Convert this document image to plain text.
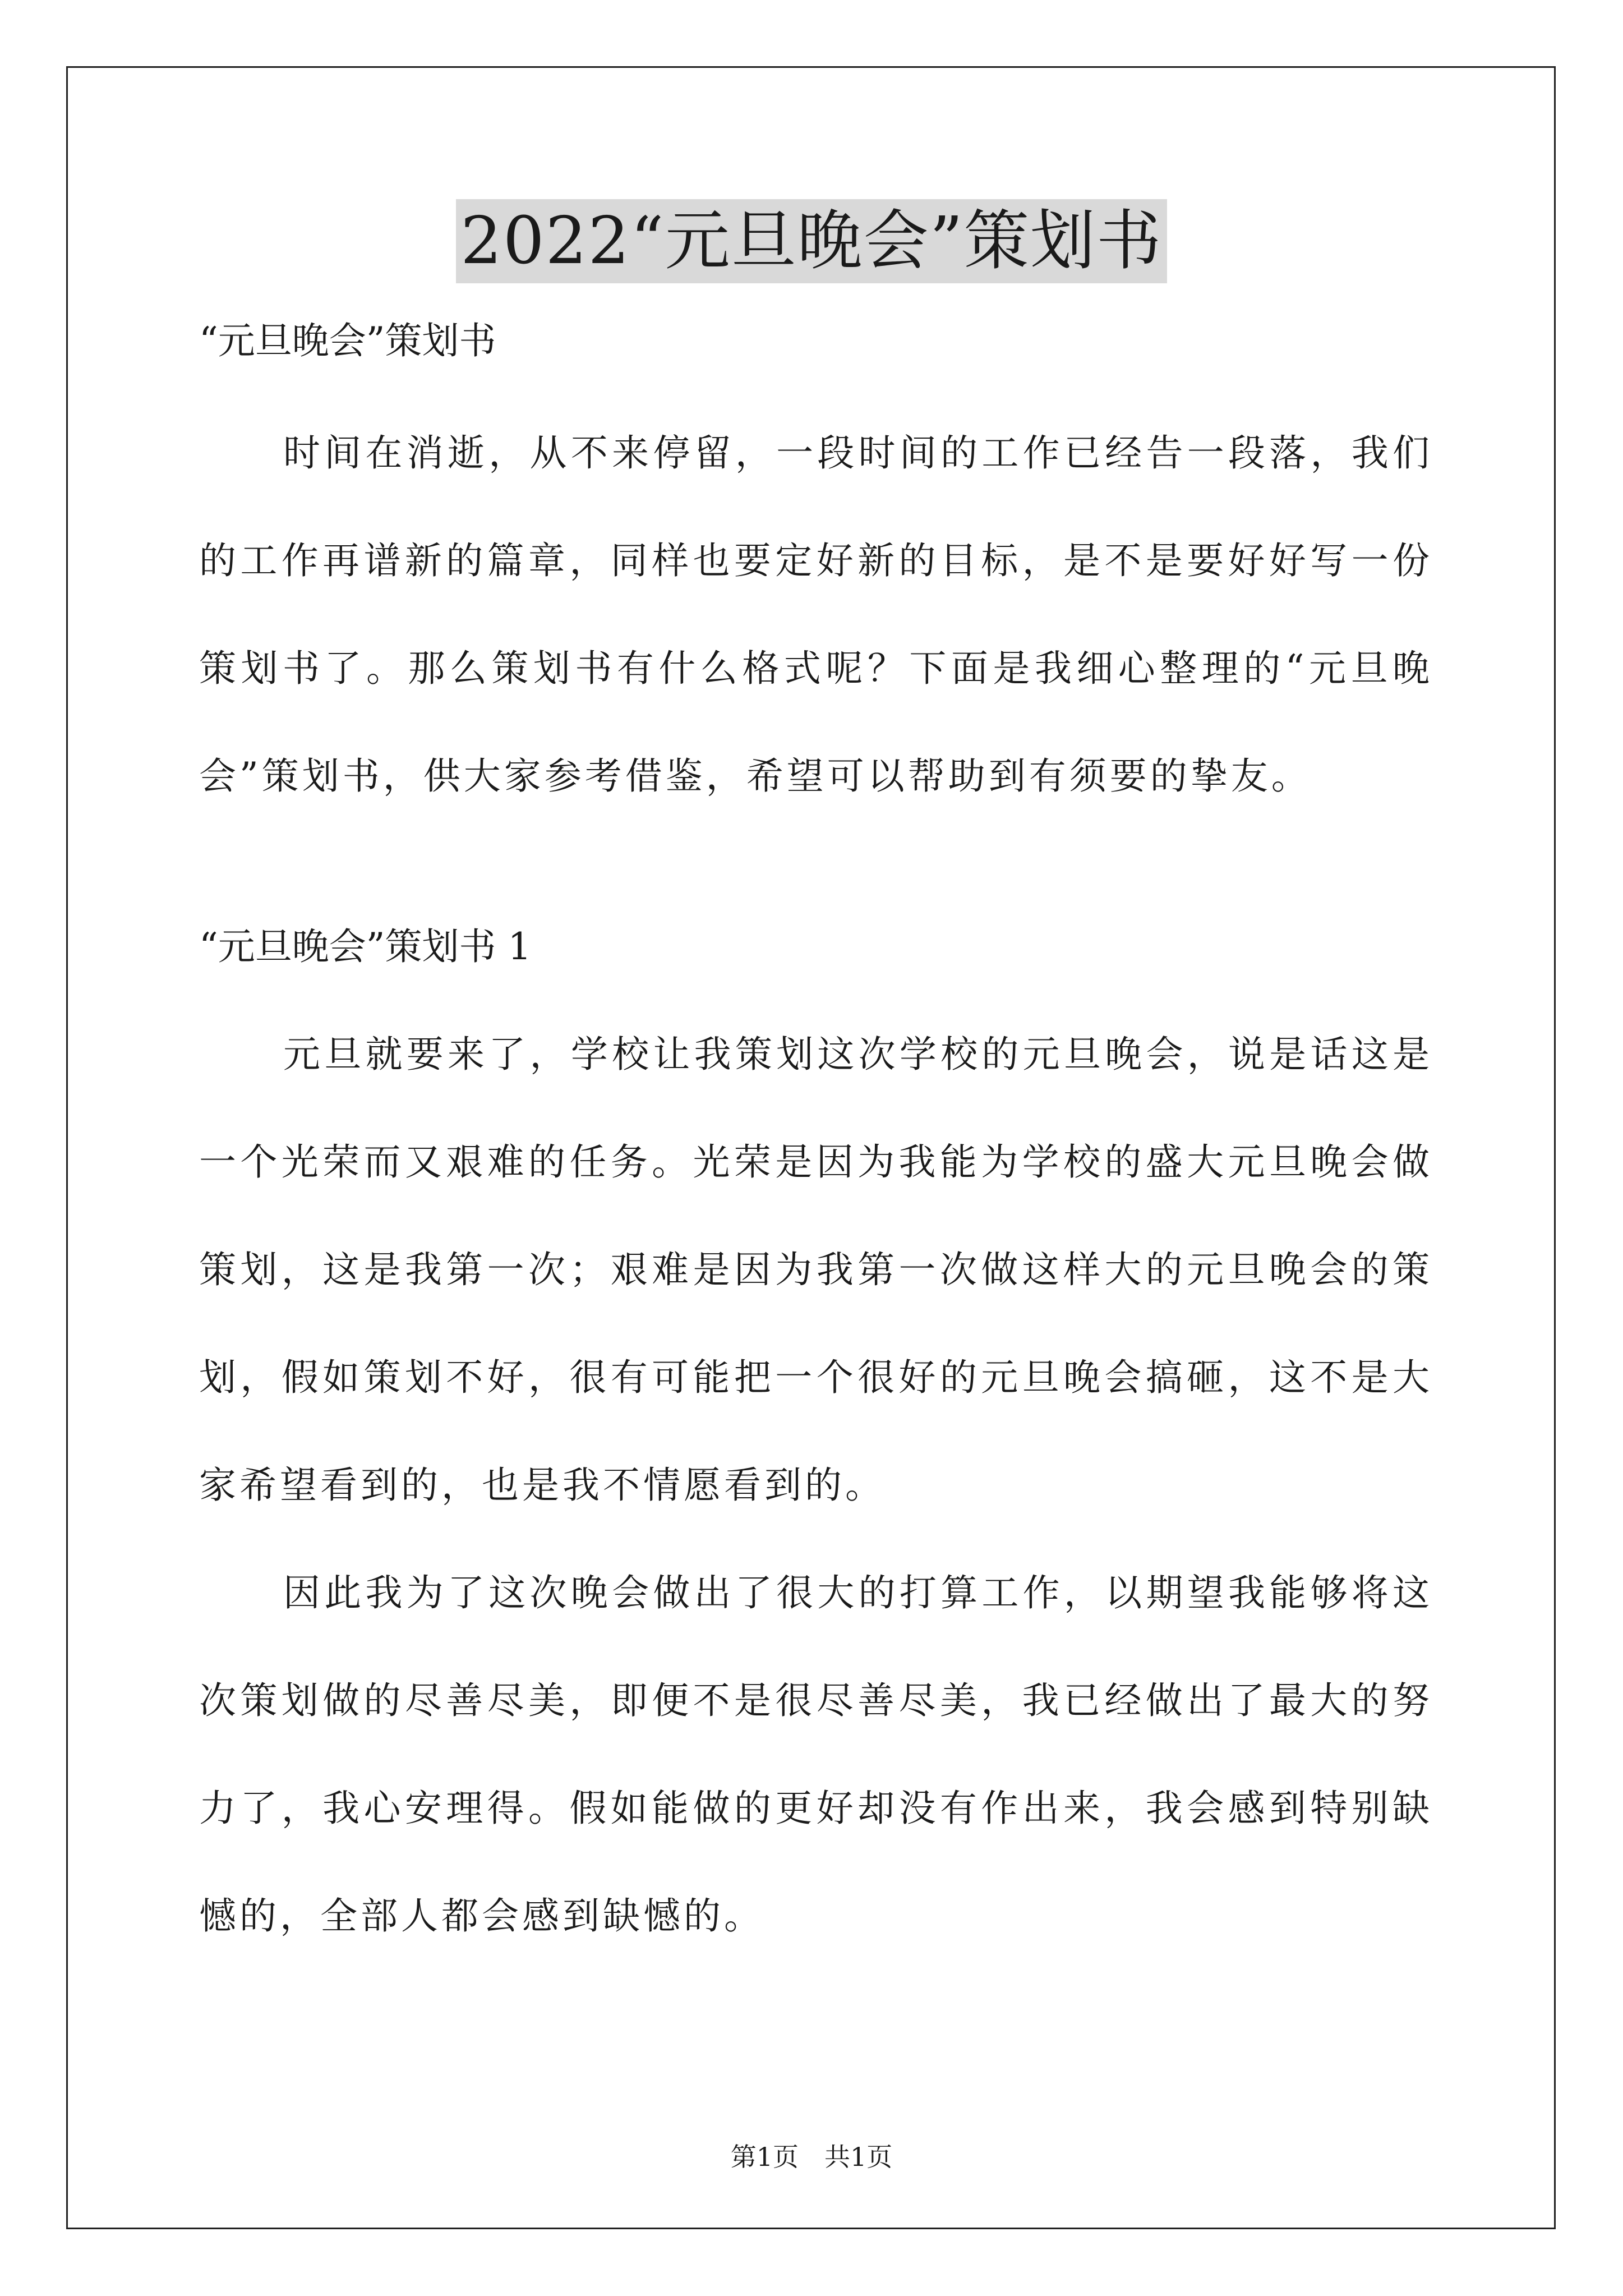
2022“元旦晚会”策划书

“元旦晚会”策划书

时间在消逝，从不来停留，一段时间的工作已经告一段落，我们的工作再谱新的篇章，同样也要定好新的目标，是不是要好好写一份策划书了。那么策划书有什么格式呢？下面是我细心整理的“元旦晚会”策划书，供大家参考借鉴，希望可以帮助到有须要的挚友。

“元旦晚会”策划书 1

元旦就要来了，学校让我策划这次学校的元旦晚会，说是话这是一个光荣而又艰难的任务。光荣是因为我能为学校的盛大元旦晚会做策划，这是我第一次；艰难是因为我第一次做这样大的元旦晚会的策划，假如策划不好，很有可能把一个很好的元旦晚会搞砸，这不是大家希望看到的，也是我不情愿看到的。

因此我为了这次晚会做出了很大的打算工作，以期望我能够将这次策划做的尽善尽美，即便不是很尽善尽美，我已经做出了最大的努力了，我心安理得。假如能做的更好却没有作出来，我会感到特别缺憾的，全部人都会感到缺憾的。

第1页　共1页
